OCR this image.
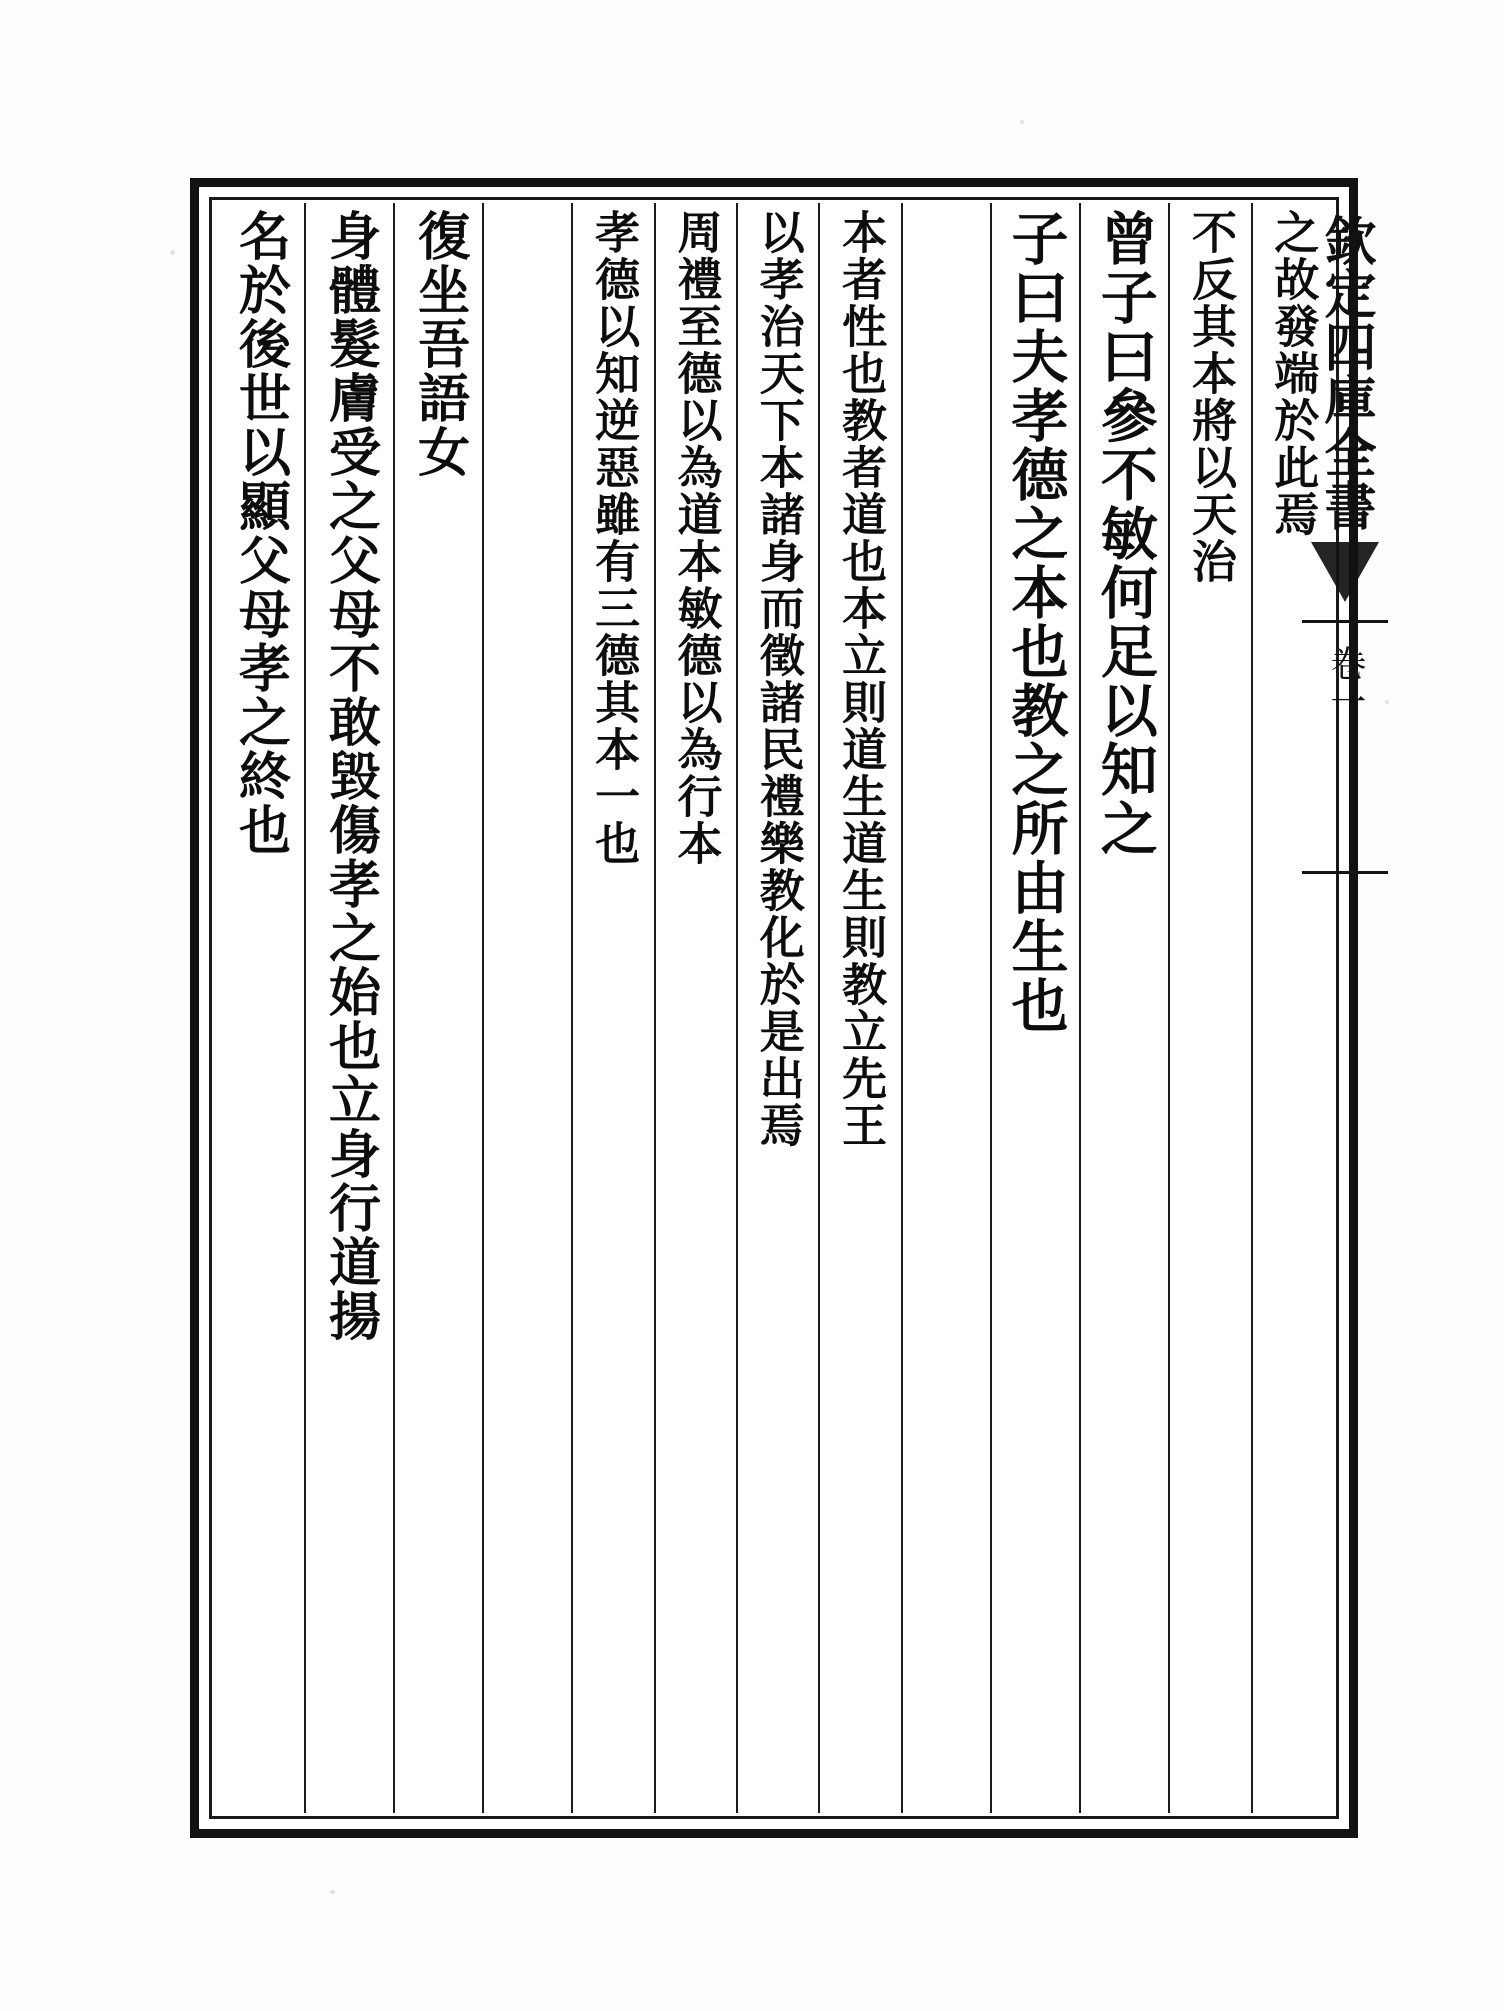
之故發端於此焉
不反其本將以天治
曾子曰參不敏何足以知之
子曰夫孝德之本也教之所由生也
本者性也教者道也本立則道生道生則教立先王
以孝治天下本諸身而徵諸民禮樂教化於是出焉
周禮至德以為道本敏德以為行本
孝德以知逆惡雖有三德其本一也
復坐吾語女
身體髮膚受之父母不敢毀傷孝之始也立身行道揚
名於後世以顯父母孝之終也	欽定四庫全書
卷一
